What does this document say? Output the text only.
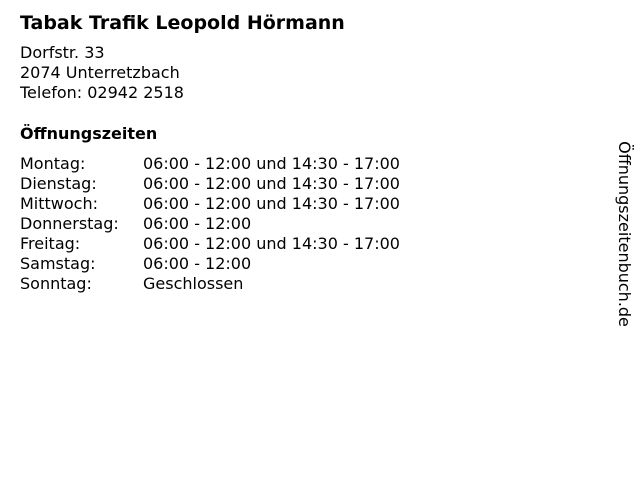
Tabak Trafik Leopold Hörmann
Dorfstr. 33
2074 Unterretzbach
Telefon: 02942 2518
Öffnungszeiten
Montag:	06:00 - 12:00 und 14:30 - 17:00
Dienstag:	06:00 - 12:00 und 14:30 - 17:00
Mittwoch:	06:00 - 12:00 und 14:30 - 17:00
Donnerstag:	06:00 - 12:00
Freitag:	06:00 - 12:00 und 14:30 - 17:00
Samstag:	06:00 - 12:00
Sonntag:	Geschlossen	Öffnungszeitenbuch.de
